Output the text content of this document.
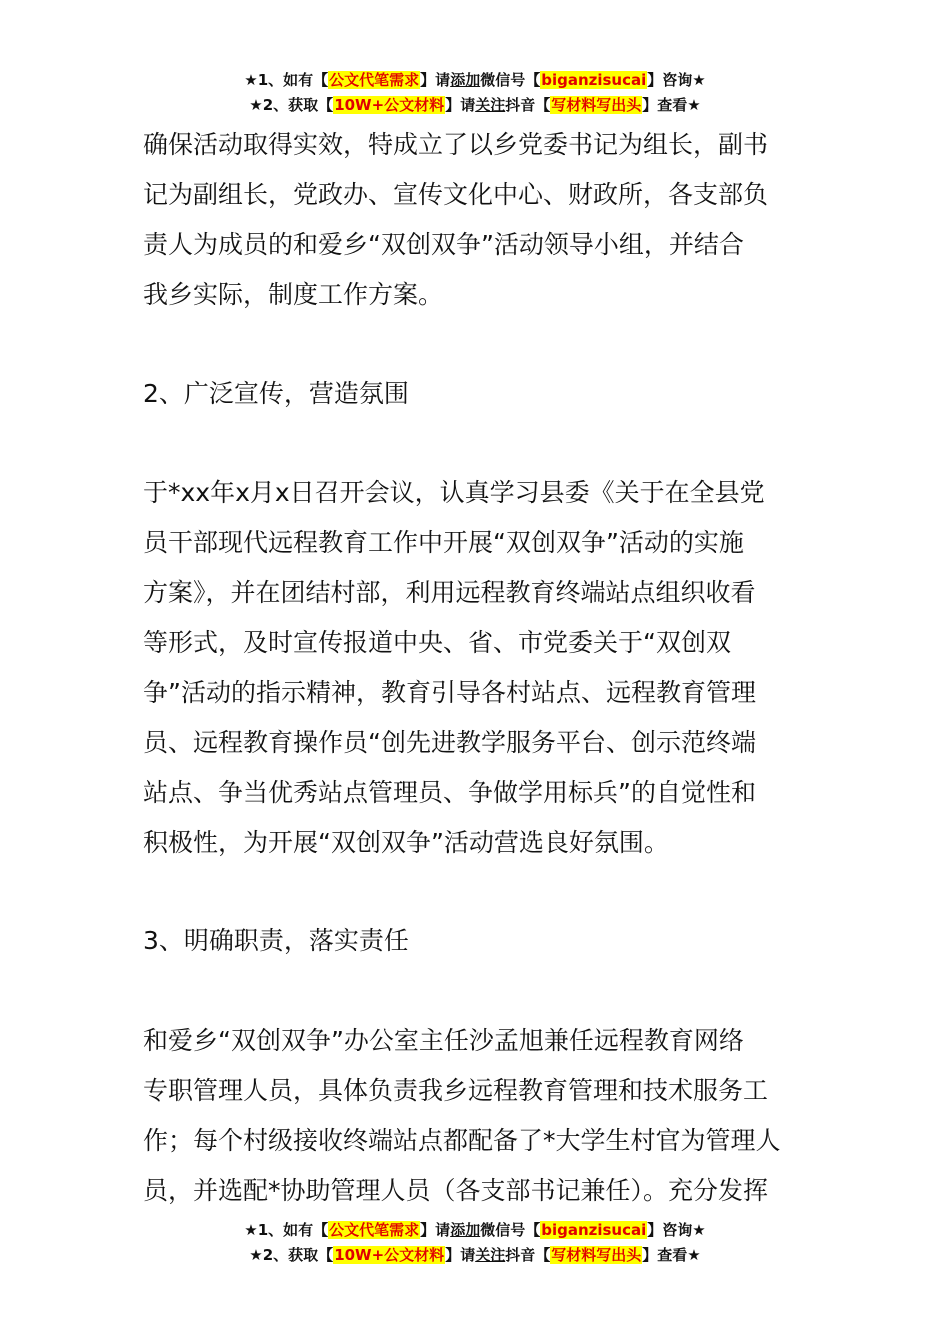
★1、如有【公文代笔需求】请添加微信号【biganzisucai】咨询★
★2、获取【10W+公文材料】请关注抖音【写材料写出头】查看★
确保活动取得实效，特成立了以乡党委书记为组长，副书
记为副组长，党政办、宣传文化中心、财政所，各支部负
责人为成员的和爱乡“双创双争”活动领导小组，并结合
我乡实际，制度工作方案。
2、广泛宣传，营造氛围
于*xx年x月x日召开会议，认真学习县委《关于在全县党
员干部现代远程教育工作中开展“双创双争”活动的实施
方案》，并在团结村部，利用远程教育终端站点组织收看
等形式，及时宣传报道中央、省、市党委关于“双创双
争”活动的指示精神，教育引导各村站点、远程教育管理
员、远程教育操作员“创先进教学服务平台、创示范终端
站点、争当优秀站点管理员、争做学用标兵”的自觉性和
积极性，为开展“双创双争”活动营选良好氛围。
3、明确职责，落实责任
和爱乡“双创双争”办公室主任沙孟旭兼任远程教育网络
专职管理人员，具体负责我乡远程教育管理和技术服务工
作；每个村级接收终端站点都配备了*大学生村官为管理人
员，并选配*协助管理人员（各支部书记兼任）。充分发挥
★1、如有【公文代笔需求】请添加微信号【biganzisucai】咨询★
★2、获取【10W+公文材料】请关注抖音【写材料写出头】查看★
